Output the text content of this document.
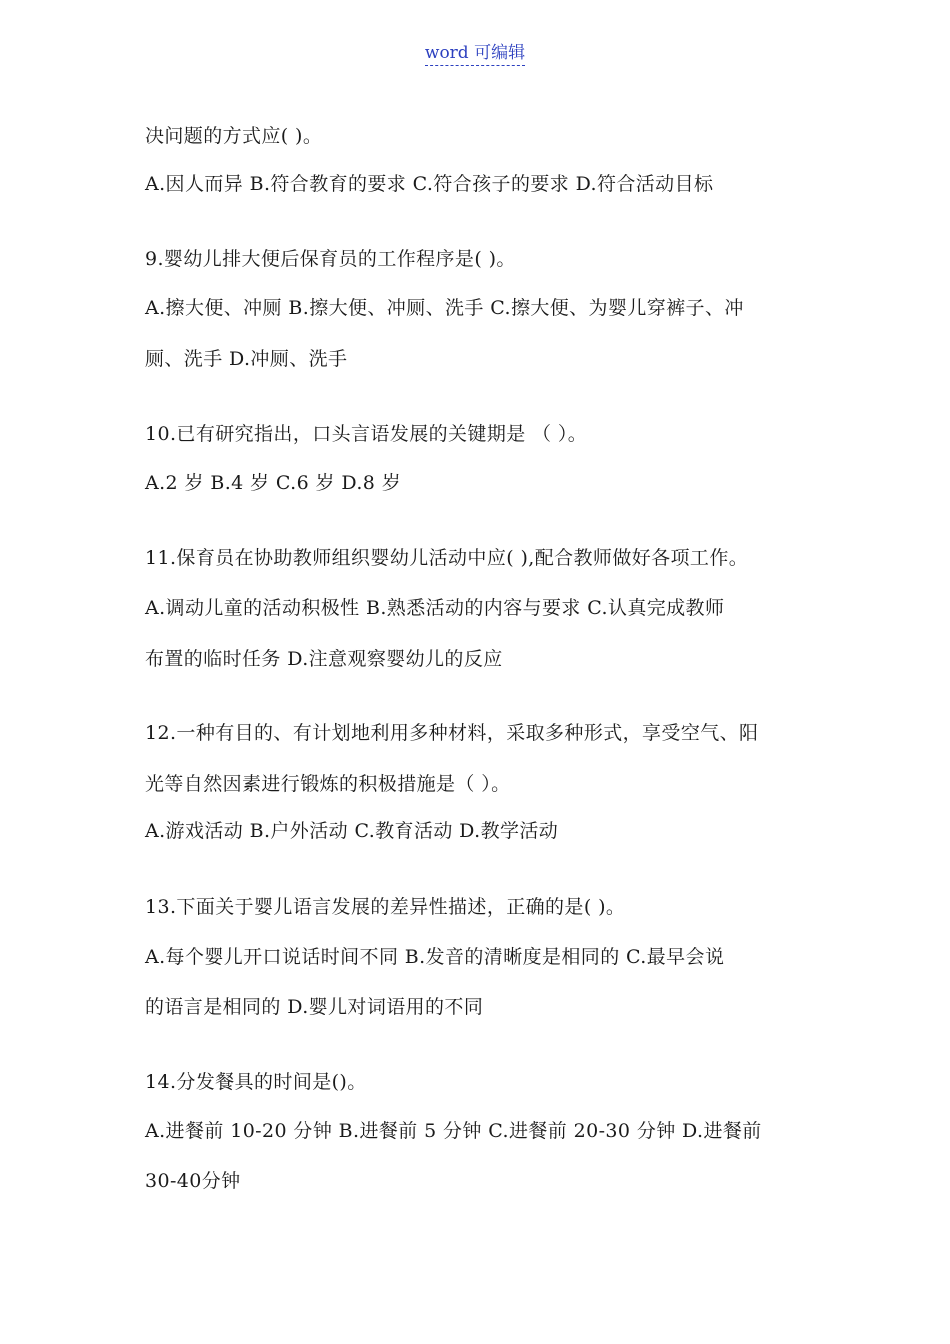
word 可编辑
决问题的方式应( )。
A.因人而异 B.符合教育的要求 C.符合孩子的要求 D.符合活动目标
9.婴幼儿排大便后保育员的工作程序是( )。
A.擦大便、冲厕 B.擦大便、冲厕、洗手 C.擦大便、为婴儿穿裤子、冲
厕、洗手 D.冲厕、洗手
10.已有研究指出，口头言语发展的关键期是 （ ）。
A.2 岁 B.4 岁 C.6 岁 D.8 岁
11.保育员在协助教师组织婴幼儿活动中应( ),配合教师做好各项工作。
A.调动儿童的活动积极性 B.熟悉活动的内容与要求 C.认真完成教师
布置的临时任务 D.注意观察婴幼儿的反应
12.一种有目的、有计划地利用多种材料，采取多种形式，享受空气、阳
光等自然因素进行锻炼的积极措施是（ ）。
A.游戏活动 B.户外活动 C.教育活动 D.教学活动
13.下面关于婴儿语言发展的差异性描述，正确的是( )。
A.每个婴儿开口说话时间不同 B.发音的清晰度是相同的 C.最早会说
的语言是相同的 D.婴儿对词语用的不同
14.分发餐具的时间是()。
A.进餐前 10-20 分钟 B.进餐前 5 分钟 C.进餐前 20-30 分钟 D.进餐前
30-40分钟
